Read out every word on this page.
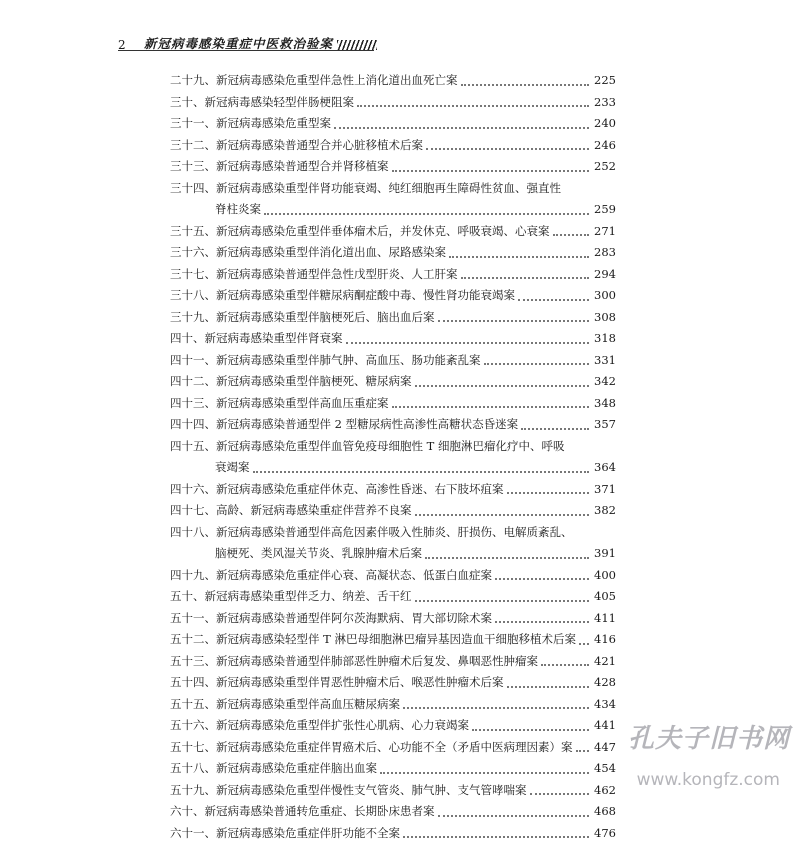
2	新冠病毒感染重症中医救治验案
二十九、新冠病毒感染危重型伴急性上消化道出血死亡案	225
三十、新冠病毒感染轻型伴肠梗阻案	233
三十一、新冠病毒感染危重型案	240
三十二、新冠病毒感染普通型合并心脏移植术后案	246
三十三、新冠病毒感染普通型合并肾移植案	252
三十四、新冠病毒感染重型伴肾功能衰竭、纯红细胞再生障碍性贫血、强直性
脊柱炎案	259
三十五、新冠病毒感染危重型伴垂体瘤术后，并发休克、呼吸衰竭、心衰案	271
三十六、新冠病毒感染重型伴消化道出血、尿路感染案	283
三十七、新冠病毒感染普通型伴急性戊型肝炎、人工肝案	294
三十八、新冠病毒感染重型伴糖尿病酮症酸中毒、慢性肾功能衰竭案	300
三十九、新冠病毒感染重型伴脑梗死后、脑出血后案	308
四十、新冠病毒感染重型伴肾衰案	318
四十一、新冠病毒感染重型伴肺气肿、高血压、肠功能紊乱案	331
四十二、新冠病毒感染重型伴脑梗死、糖尿病案	342
四十三、新冠病毒感染重型伴高血压重症案	348
四十四、新冠病毒感染普通型伴 2 型糖尿病性高渗性高糖状态昏迷案	357
四十五、新冠病毒感染危重型伴血管免疫母细胞性 T 细胞淋巴瘤化疗中、呼吸
衰竭案	364
四十六、新冠病毒感染危重症伴休克、高渗性昏迷、右下肢坏疽案	371
四十七、高龄、新冠病毒感染重症伴营养不良案	382
四十八、新冠病毒感染普通型伴高危因素伴吸入性肺炎、肝损伤、电解质紊乱、
脑梗死、类风湿关节炎、乳腺肿瘤术后案	391
四十九、新冠病毒感染危重症伴心衰、高凝状态、低蛋白血症案	400
五十、新冠病毒感染重型伴乏力、纳差、舌干红	405
五十一、新冠病毒感染普通型伴阿尔茨海默病、胃大部切除术案	411
五十二、新冠病毒感染轻型伴 T 淋巴母细胞淋巴瘤异基因造血干细胞移植术后案 416
五十三、新冠病毒感染普通型伴肺部恶性肿瘤术后复发、鼻咽恶性肿瘤案	421
五十四、新冠病毒感染重型伴胃恶性肿瘤术后、喉恶性肿瘤术后案	428
五十五、新冠病毒感染重型伴高血压糖尿病案	434
五十六、新冠病毒感染危重型伴扩张性心肌病、心力衰竭案	441
五十七、新冠病毒感染危重症伴胃癌术后、心功能不全（矛盾中医病理因素）案 447
五十八、新冠病毒感染危重症伴脑出血案	454
五十九、新冠病毒感染危重型伴慢性支气管炎、肺气肿、支气管哮喘案	462
六十、新冠病毒感染普通转危重症、长期卧床患者案	468
六十一、新冠病毒感染危重症伴肝功能不全案	476
孔夫子旧书网
www.kongfz.com
